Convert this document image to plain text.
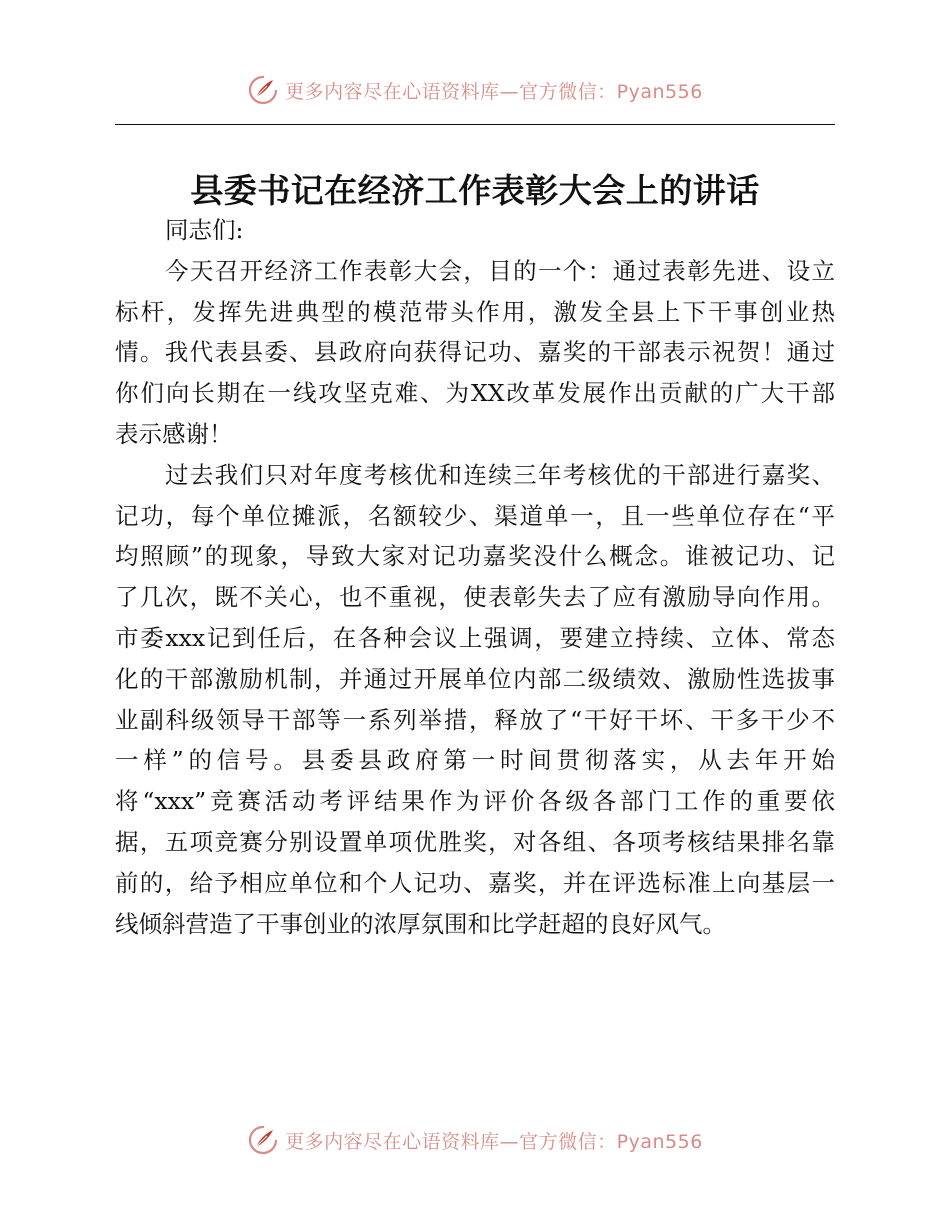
更多内容尽在心语资料库—官方微信：Pyan556
县委书记在经济工作表彰大会上的讲话
同志们:
今天召开经济工作表彰大会，目的一个：通过表彰先进、设立
标杆，发挥先进典型的模范带头作用，激发全县上下干事创业热
情。我代表县委、县政府向获得记功、嘉奖的干部表示祝贺！通过
你们向长期在一线攻坚克难、为XX改革发展作出贡献的广大干部
表示感谢！
过去我们只对年度考核优和连续三年考核优的干部进行嘉奖、
记功，每个单位摊派，名额较少、渠道单一，且一些单位存在“平
均照顾”的现象，导致大家对记功嘉奖没什么概念。谁被记功、记
了几次，既不关心，也不重视，使表彰失去了应有激励导向作用。
市委xxx记到任后，在各种会议上强调，要建立持续、立体、常态
化的干部激励机制，并通过开展单位内部二级绩效、激励性选拔事
业副科级领导干部等一系列举措，释放了“干好干坏、干多干少不
一样”的信号。县委县政府第一时间贯彻落实，从去年开始
将“xxx”竞赛活动考评结果作为评价各级各部门工作的重要依
据，五项竞赛分别设置单项优胜奖，对各组、各项考核结果排名靠
前的，给予相应单位和个人记功、嘉奖，并在评选标准上向基层一
线倾斜营造了干事创业的浓厚氛围和比学赶超的良好风气。
更多内容尽在心语资料库—官方微信：Pyan556
